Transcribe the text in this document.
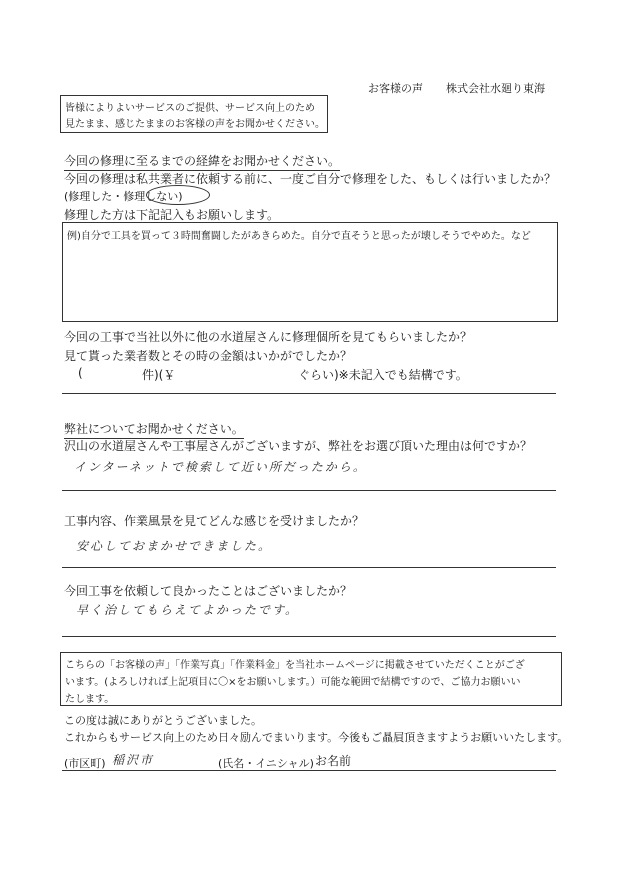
お客様の声 株式会社水廻り東海
皆様によりよいサービスのご提供、サービス向上のため
見たまま、感じたままのお客様の声をお聞かせください。
今回の修理に至るまでの経緯をお聞かせください。
今回の修理は私共業者に依頼する前に、一度ご自分で修理をした、もしくは行いましたか？
(修理した・修理しない)
修理した方は下記記入もお願いします。
例)自分で工具を買って３時間奮闘したがあきらめた。自分で直そうと思ったが壊しそうでやめた。など
今回の工事で当社以外に他の水道屋さんに修理個所を見てもらいましたか？
見て貰った業者数とその時の金額はいかがでしたか？
(	件)(￥	ぐらい)※未記入でも結構です。
弊社についてお聞かせください。
沢山の水道屋さんや工事屋さんがございますが、弊社をお選び頂いた理由は何ですか？
インターネットで検索して近い所だったから。
工事内容、作業風景を見てどんな感じを受けましたか？
安心しておまかせできました。
今回工事を依頼して良かったことはございましたか？
早く治してもらえてよかったです。
こちらの「お客様の声」「作業写真」「作業料金」を当社ホームページに掲載させていただくことがござ
います。(よろしければ上記項目に〇×をお願いします。）可能な範囲で結構ですので、ご協力お願いい
たします。
この度は誠にありがとうございました。
これからもサービス向上のため日々励んでまいります。今後もご贔屓頂きますようお願いいたします。
(市区町) 稲沢市	(氏名・イニシャル) お名前
